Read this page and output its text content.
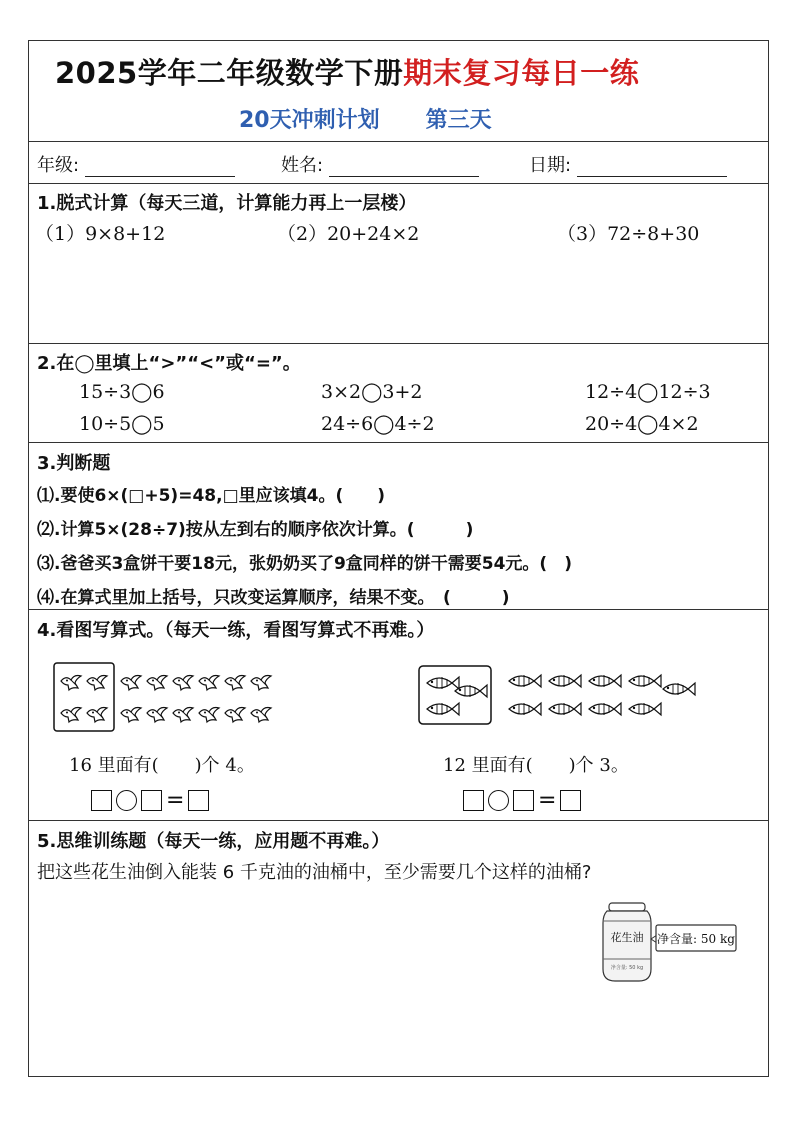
2025学年二年级数学下册期末复习每日一练
20天冲刺计划 第三天
年级:	姓名:	日期:
1.脱式计算（每天三道，计算能力再上一层楼）
（1）9×8+12	（2）20+24×2	（3）72÷8+30
2.在◯里填上“>”“<”或“=”。
15÷3◯6	3×2◯3+2	12÷4◯12÷3
10÷5◯5	24÷6◯4÷2	20÷4◯4×2
3.判断题
⑴.要使6×(□+5)=48,□里应该填4。(　　)
⑵.计算5×(28÷7)按从左到右的顺序依次计算。(　　　)
⑶.爸爸买3盒饼干要18元，张奶奶买了9盒同样的饼干需要54元。(　)
⑷.在算式里加上括号，只改变运算顺序，结果不变。　(　　　)
4.看图写算式。（每天一练，看图写算式不再难。）
16 里面有(　　)个 4。	12 里面有(　　)个 3。
=	=
5.思维训练题（每天一练，应用题不再难。）
把这些花生油倒入能装 6 千克油的油桶中，至少需要几个这样的油桶?
花生油
净含量: 50 kg
净含量: 50 kg
